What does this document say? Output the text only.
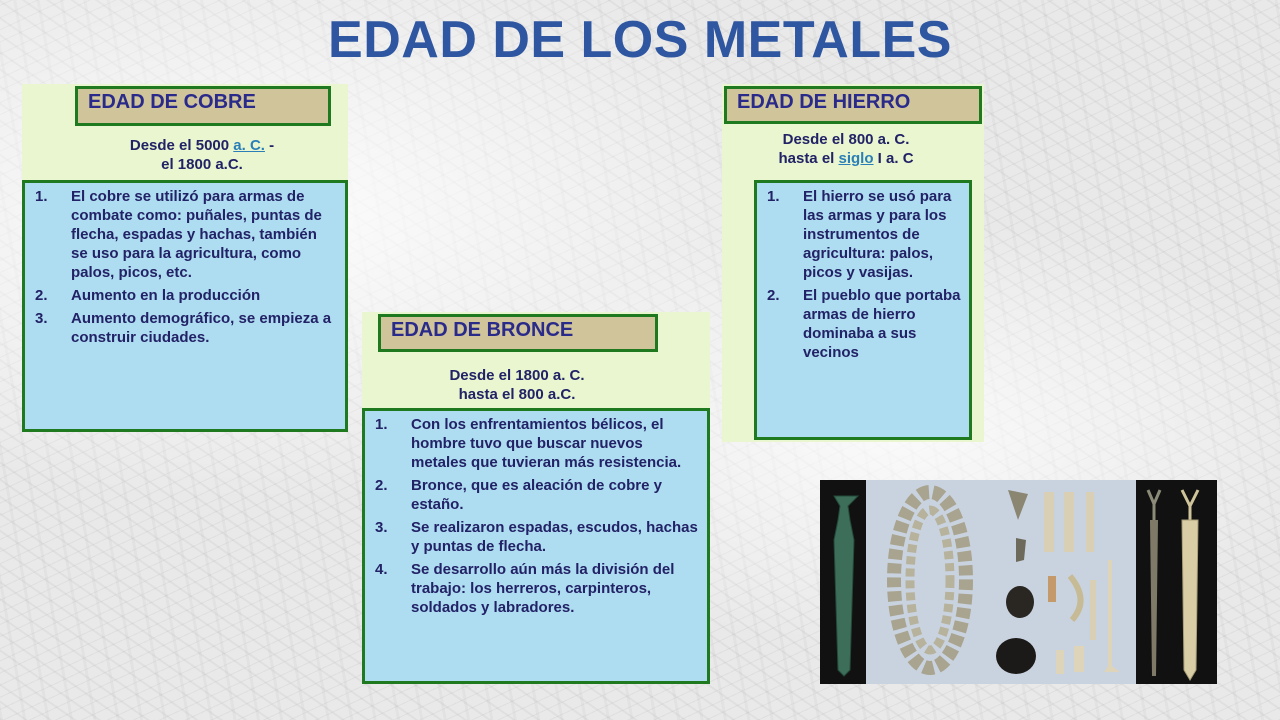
EDAD DE LOS METALES
EDAD DE COBRE
Desde el 5000 a. C. -
el 1800 a.C.
1.	El cobre se utilizó para armas de combate como: puñales, puntas de flecha, espadas y hachas, también se uso para la agricultura, como palos, picos, etc.
2.	Aumento en la producción
3.	Aumento demográfico, se empieza a construir ciudades.	EDAD DE BRONCE
Desde el 1800 a. C.
hasta el 800 a.C.
1.	Con los enfrentamientos bélicos, el hombre tuvo que buscar nuevos metales que tuvieran más resistencia.
2.	Bronce, que es aleación de cobre y estaño.
3.	Se realizaron espadas, escudos, hachas y puntas de flecha.
4.	Se desarrollo aún más la división del trabajo: los herreros, carpinteros, soldados y labradores.
EDAD DE HIERRO
Desde el 800 a. C.
hasta el siglo I a. C
1.	El hierro se usó para las armas y para los instrumentos de agricultura: palos, picos y vasijas.
2.	El pueblo que portaba armas de hierro dominaba a sus vecinos
